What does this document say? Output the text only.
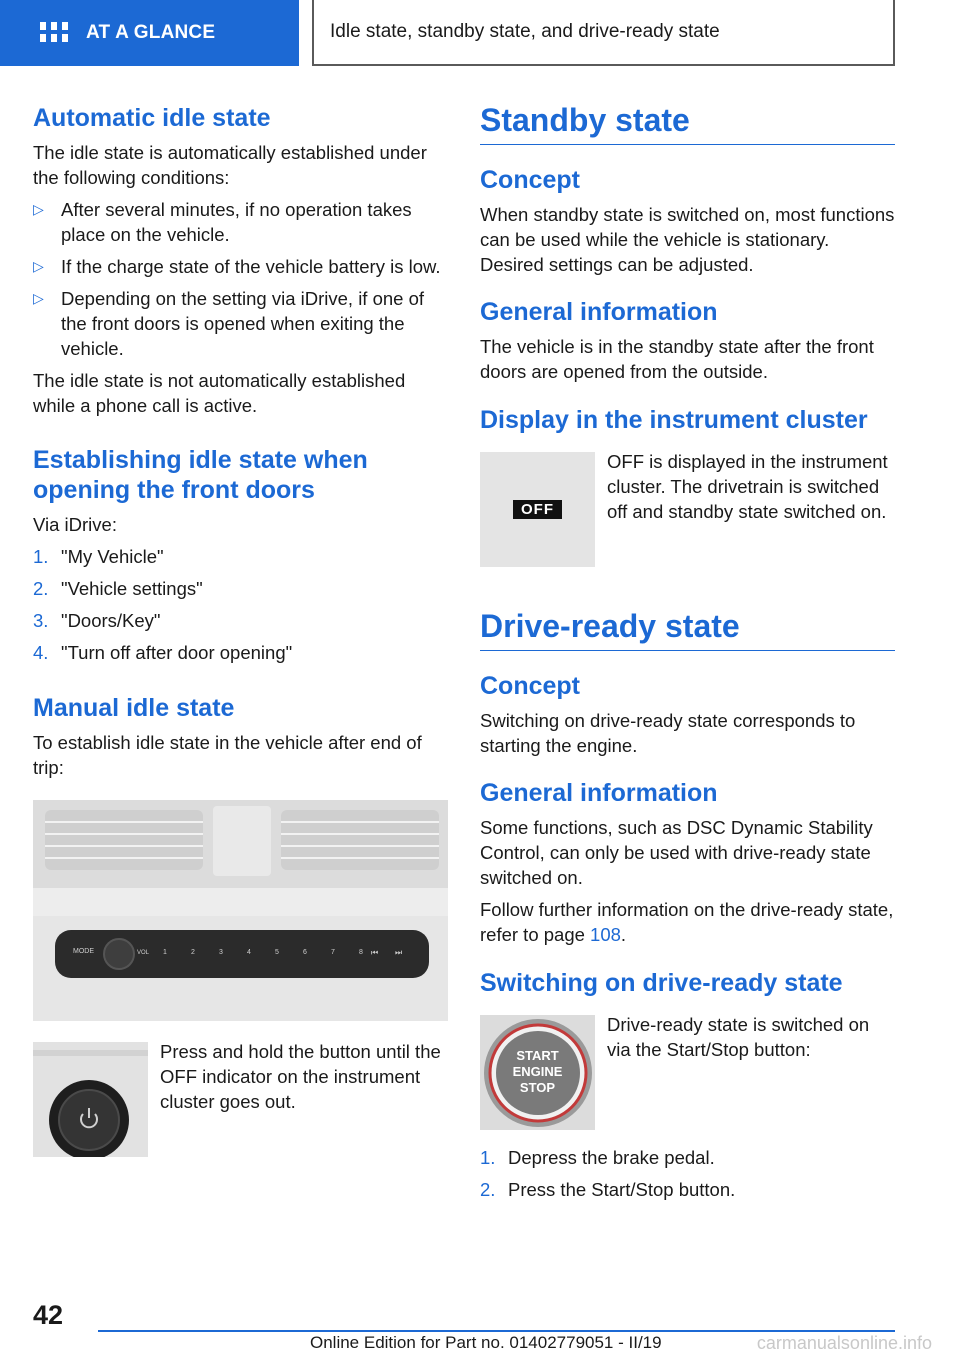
AT A GLANCE	Idle state, standby state, and drive-ready state
Automatic idle state

The idle state is automatically established under the following conditions:

▷ After several minutes, if no operation takes place on the vehicle.
▷ If the charge state of the vehicle battery is low.
▷ Depending on the setting via iDrive, if one of the front doors is opened when exiting the vehicle.

The idle state is not automatically established while a phone call is active.

Establishing idle state when opening the front doors

Via iDrive:

1. "My Vehicle"
2. "Vehicle settings"
3. "Doors/Key"
4. "Turn off after door opening"
Manual idle state

To establish idle state in the vehicle after end of trip:

MODE	VOL 1	2	3	4	5	6	7	8 ⏮ ⏭

Press and hold the button until the OFF indicator on the instrument cluster goes out.

Standby state
Concept

When standby state is switched on, most functions can be used while the vehicle is stationary. Desired settings can be adjusted.

General information

The vehicle is in the standby state after the front doors are opened from the outside.

Display in the instrument cluster
OFF

OFF is displayed in the instrument cluster. The drivetrain is switched off and standby state switched on.

Drive-ready state
Concept

Switching on drive-ready state corresponds to starting the engine.

General information

Some functions, such as DSC Dynamic Stability Control, can only be used with drive-ready state switched on.

Follow further information on the drive-ready state, refer to page 108.

Switching on drive-ready state
START
ENGINE
STOP

Drive-ready state is switched on via the Start/Stop button:

1. Depress the brake pedal.
2. Press the Start/Stop button.
42
Online Edition for Part no. 01402779051 - II/19	carmanualsonline.info
